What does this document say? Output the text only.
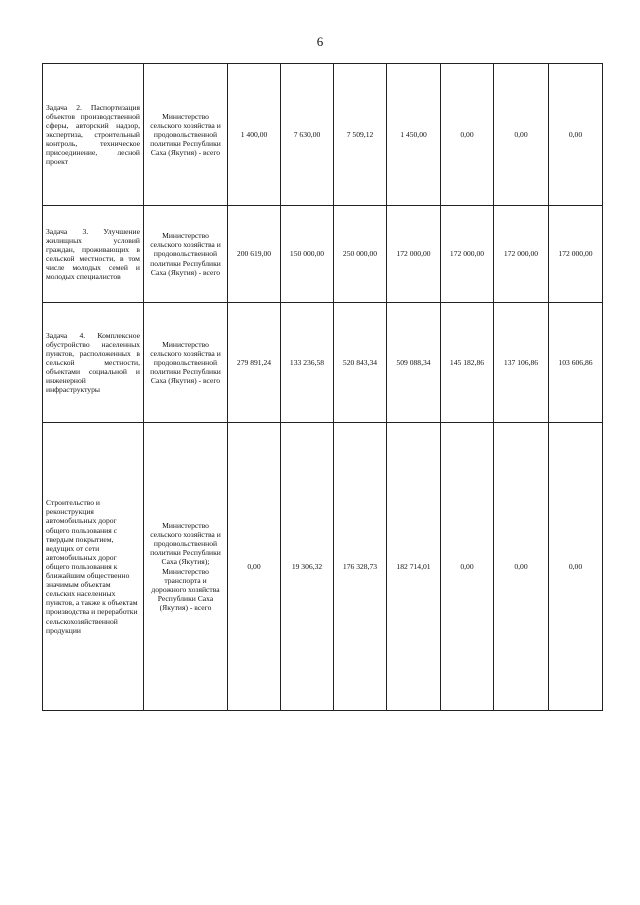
6
Задача 2. Паспортизация объектов производственной сферы, авторский надзор, экспертиза, строительный контроль, техническое присоединение, лесной проект	Министерство сельского хозяйства и продовольственной политики Республики Саха (Якутия) - всего	1 400,00	7 630,00	7 509,12	1 450,00	0,00	0,00	0,00
Задача 3. Улучшение жилищных условий граждан, проживающих в сельской местности, в том числе молодых семей и молодых специалистов	Министерство сельского хозяйства и продовольственной политики Республики Саха (Якутия) - всего	200 619,00	150 000,00	250 000,00	172 000,00	172 000,00	172 000,00	172 000,00
Задача 4. Комплексное обустройство населенных пунктов, расположенных в сельской местности, объектами социальной и инженерной инфраструктуры	Министерство сельского хозяйства и продовольственной политики Республики Саха (Якутия) - всего	279 891,24	133 236,58	520 843,34	509 088,34	145 182,86	137 106,86	103 606,86
Строительство и реконструкция автомобильных дорог общего пользования с твердым покрытием, ведущих от сети автомобильных дорог общего пользования к ближайшим общественно значимым объектам сельских населенных пунктов, а также к объектам производства и переработки сельскохозяйственной продукции	Министерство сельского хозяйства и продовольственной политики Республики Саха (Якутия); Министерство транспорта и дорожного хозяйства Республики Саха (Якутия) - всего	0,00	19 306,32	176 328,73	182 714,01	0,00	0,00	0,00
